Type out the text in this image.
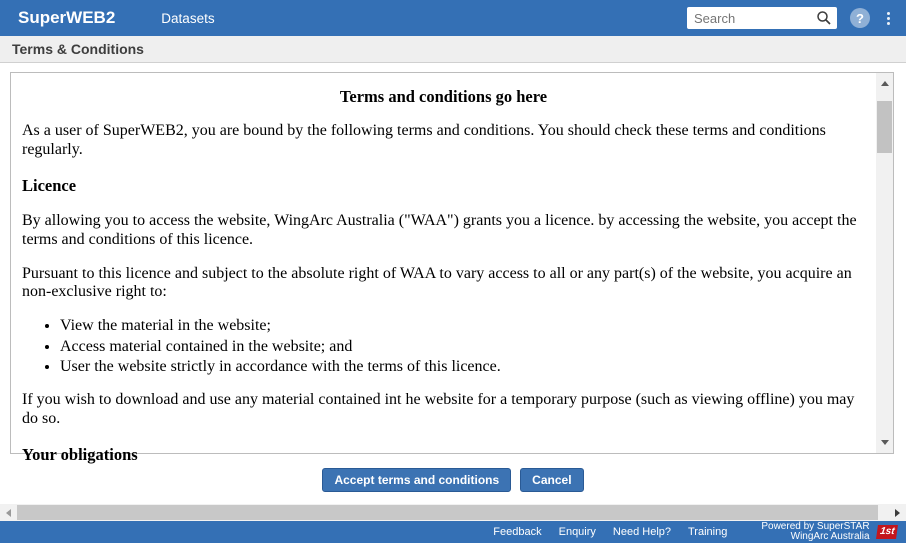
SuperWEB2	Datasets
Search	?
Terms & Conditions
Terms and conditions go here

As a user of SuperWEB2, you are bound by the following terms and conditions. You should check these terms and conditions regularly.

Licence

By allowing you to access the website, WingArc Australia ("WAA") grants you a licence. by accessing the website, you accept the terms and conditions of this licence.

Pursuant to this licence and subject to the absolute right of WAA to vary access to all or any part(s) of the website, you acquire an non-exclusive right to:

• View the material in the website;
• Access material contained in the website; and
• User the website strictly in accordance with the terms of this licence.

If you wish to download and use any material contained int he website for a temporary purpose (such as viewing offline) you may do so.

Your obligations
Accept terms and conditions	Cancel
Feedback Enquiry Need Help? Training	Powered by SuperSTAR
WingArc Australia 1st
